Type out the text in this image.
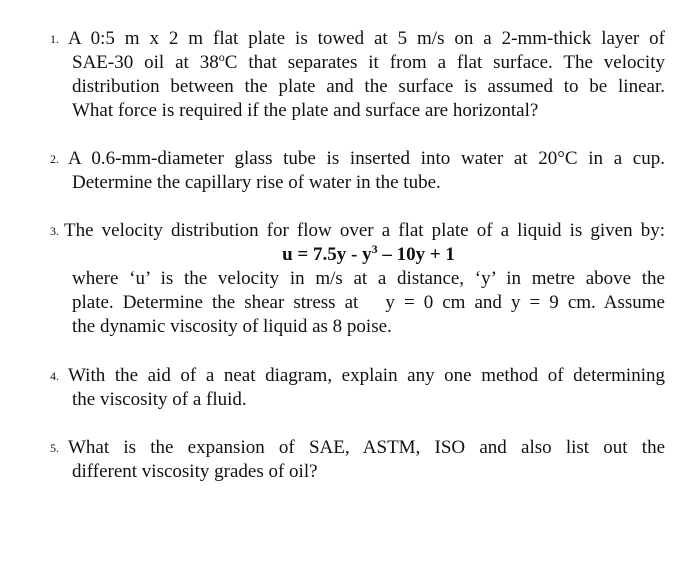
1. A 0:5 m x 2 m flat plate is towed at 5 m/s on a 2-mm-thick layer of
SAE-30 oil at 38$^o$C that separates it from a flat surface. The velocity
distribution between the plate and the surface is assumed to be linear.
What force is required if the plate and surface are horizontal?
2. A 0.6-mm-diameter glass tube is inserted into water at 20°C in a cup.
Determine the capillary rise of water in the tube.
3. The velocity distribution for flow over a flat plate of a liquid is given by:
$u = 7.5y - y^3 - 10y + 1$
where ‘u’ is the velocity in m/s at a distance, ‘y’ in metre above the
plate. Determine the shear stress at   y = 0 cm and y = 9 cm. Assume
the dynamic viscosity of liquid as 8 poise.
4. With the aid of a neat diagram, explain any one method of determining
the viscosity of a fluid.
5. What is the expansion of SAE, ASTM, ISO and also list out the
different viscosity grades of oil?
